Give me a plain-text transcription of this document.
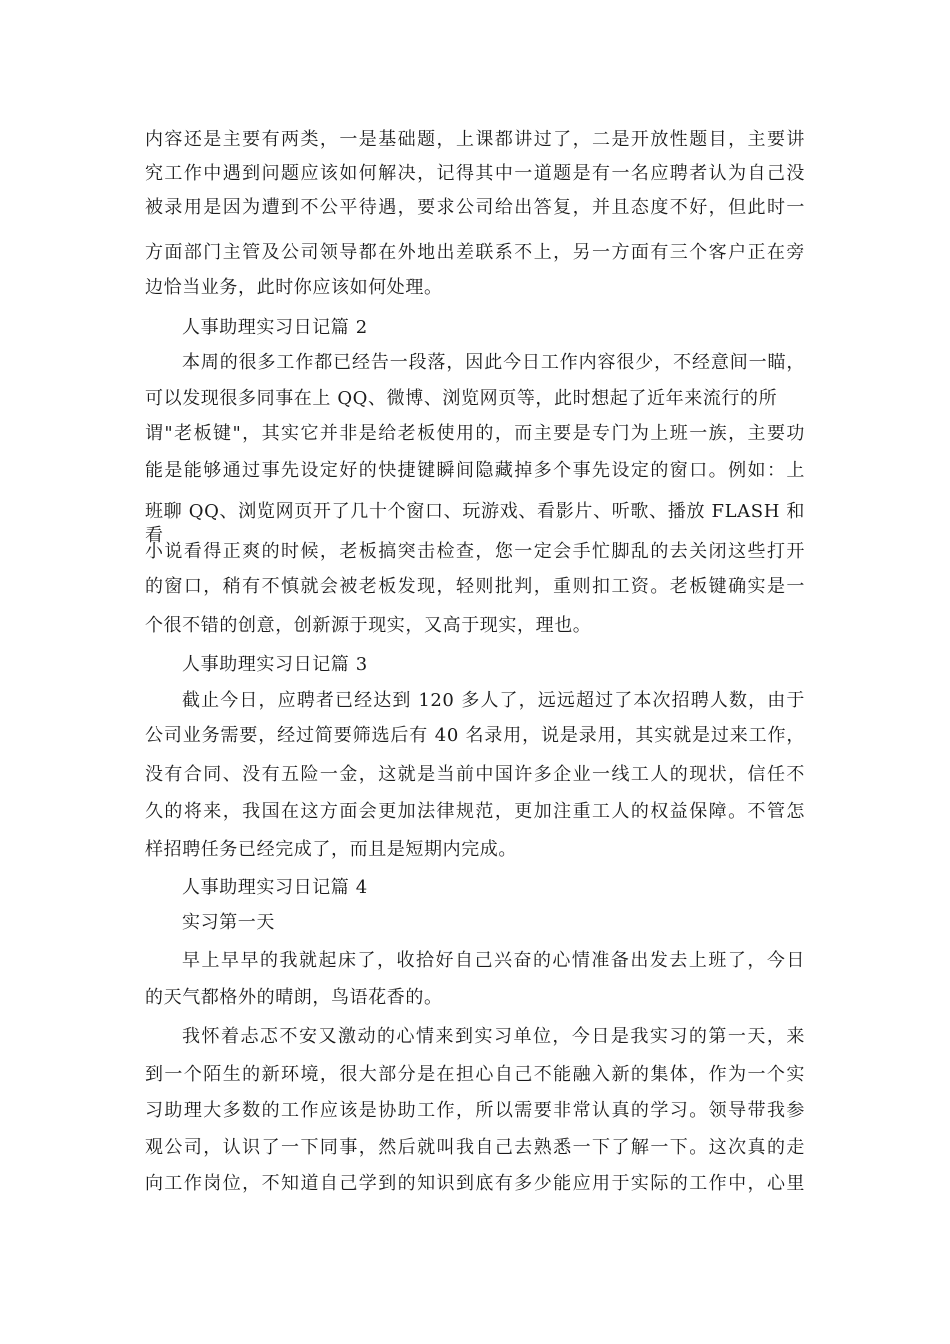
内容还是主要有两类，一是基础题，上课都讲过了，二是开放性题目，主要讲
究工作中遇到问题应该如何解决，记得其中一道题是有一名应聘者认为自己没
被录用是因为遭到不公平待遇，要求公司给出答复，并且态度不好，但此时一
方面部门主管及公司领导都在外地出差联系不上，另一方面有三个客户正在旁
边恰当业务，此时你应该如何处理。
人事助理实习日记篇 2
本周的很多工作都已经告一段落，因此今日工作内容很少，不经意间一瞄，
可以发现很多同事在上 QQ、微博、浏览网页等，此时想起了近年来流行的所
谓"老板键"，其实它并非是给老板使用的，而主要是专门为上班一族，主要功
能是能够通过事先设定好的快捷键瞬间隐藏掉多个事先设定的窗口。例如：上
班聊 QQ、浏览网页开了几十个窗口、玩游戏、看影片、听歌、播放 FLASH 和看
小说看得正爽的时候，老板搞突击检查，您一定会手忙脚乱的去关闭这些打开
的窗口，稍有不慎就会被老板发现，轻则批判，重则扣工资。老板键确实是一
个很不错的创意，创新源于现实，又高于现实，理也。
人事助理实习日记篇 3
截止今日，应聘者已经达到 120 多人了，远远超过了本次招聘人数，由于
公司业务需要，经过简要筛选后有 40 名录用，说是录用，其实就是过来工作，
没有合同、没有五险一金，这就是当前中国许多企业一线工人的现状，信任不
久的将来，我国在这方面会更加法律规范，更加注重工人的权益保障。不管怎
样招聘任务已经完成了，而且是短期内完成。
人事助理实习日记篇 4
实习第一天
早上早早的我就起床了，收拾好自己兴奋的心情准备出发去上班了，今日
的天气都格外的晴朗，鸟语花香的。
我怀着忐忑不安又激动的心情来到实习单位，今日是我实习的第一天，来
到一个陌生的新环境，很大部分是在担心自己不能融入新的集体，作为一个实
习助理大多数的工作应该是协助工作，所以需要非常认真的学习。领导带我参
观公司，认识了一下同事，然后就叫我自己去熟悉一下了解一下。这次真的走
向工作岗位，不知道自己学到的知识到底有多少能应用于实际的工作中，心里
